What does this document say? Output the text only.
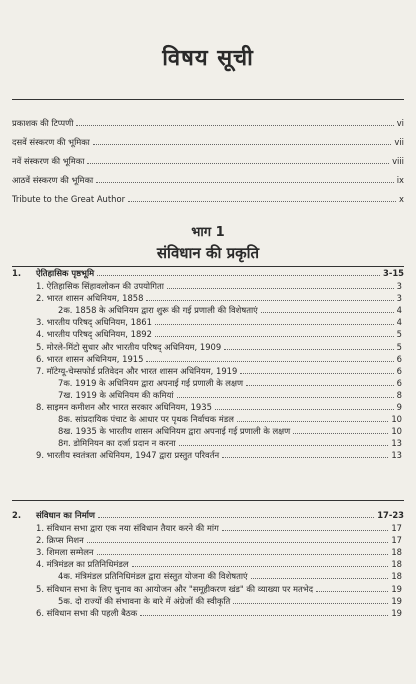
विषय सूची
प्रकाशक की टिप्पणी	vi
दसवें संस्करण की भूमिका	vii
नवें संस्करण की भूमिका	viii
आठवें संस्करण की भूमिका	ix
Tribute to the Great Author	x
भाग 1
संविधान की प्रकृति
1.	ऐतिहासिक पृष्ठभूमि	3-15
1. ऐतिहासिक सिंहावलोकन की उपयोगिता	3
2. भारत शासन अधिनियम, 1858	3
2क. 1858 के अधिनियम द्वारा शुरू की गई प्रणाली की विशेषताएं	4
3. भारतीय परिषद् अधिनियम, 1861	4
4. भारतीय परिषद् अधिनियम, 1892	5
5. मोरले-मिंटो सुधार और भारतीय परिषद् अधिनियम, 1909	5
6. भारत शासन अधिनियम, 1915	6
7. मॉटेग्यू-चेम्सफोर्ड प्रतिवेदन और भारत शासन अधिनियम, 1919	6
7क. 1919 के अधिनियम द्वारा अपनाई गई प्रणाली के लक्षण	6
7ख. 1919 के अधिनियम की कमियां	8
8. साइमन कमीशन और भारत सरकार अधिनियम, 1935	9
8क. सांप्रदायिक पंचाट के आधार पर पृथक निर्वाचक मंडल	10
8ख. 1935 के भारतीय शासन अधिनियम द्वारा अपनाई गई प्रणाली के लक्षण	10
8ग. डोमिनियन का दर्जा प्रदान न करना	13
9. भारतीय स्वतंत्रता अधिनियम, 1947 द्वारा प्रस्तुत परिवर्तन	13
2.	संविधान का निर्माण	17-23
1. संविधान सभा द्वारा एक नया संविधान तैयार करने की मांग	17
2. क्रिप्स मिशन	17
3. शिमला सम्मेलन	18
4. मंत्रिमंडल का प्रतिनिधिमंडल	18
4क. मंत्रिमंडल प्रतिनिधिमंडल द्वारा संस्तुत योजना की विशेषताएं	18
5. संविधान सभा के लिए चुनाव का आयोजन और "समूहीकरण खंड" की व्याख्या पर मतभेद	19
5क. दो राज्यों की संभावना के बारे में अंग्रेजों की स्वीकृति	19
6. संविधान सभा की पहली बैठक	19
